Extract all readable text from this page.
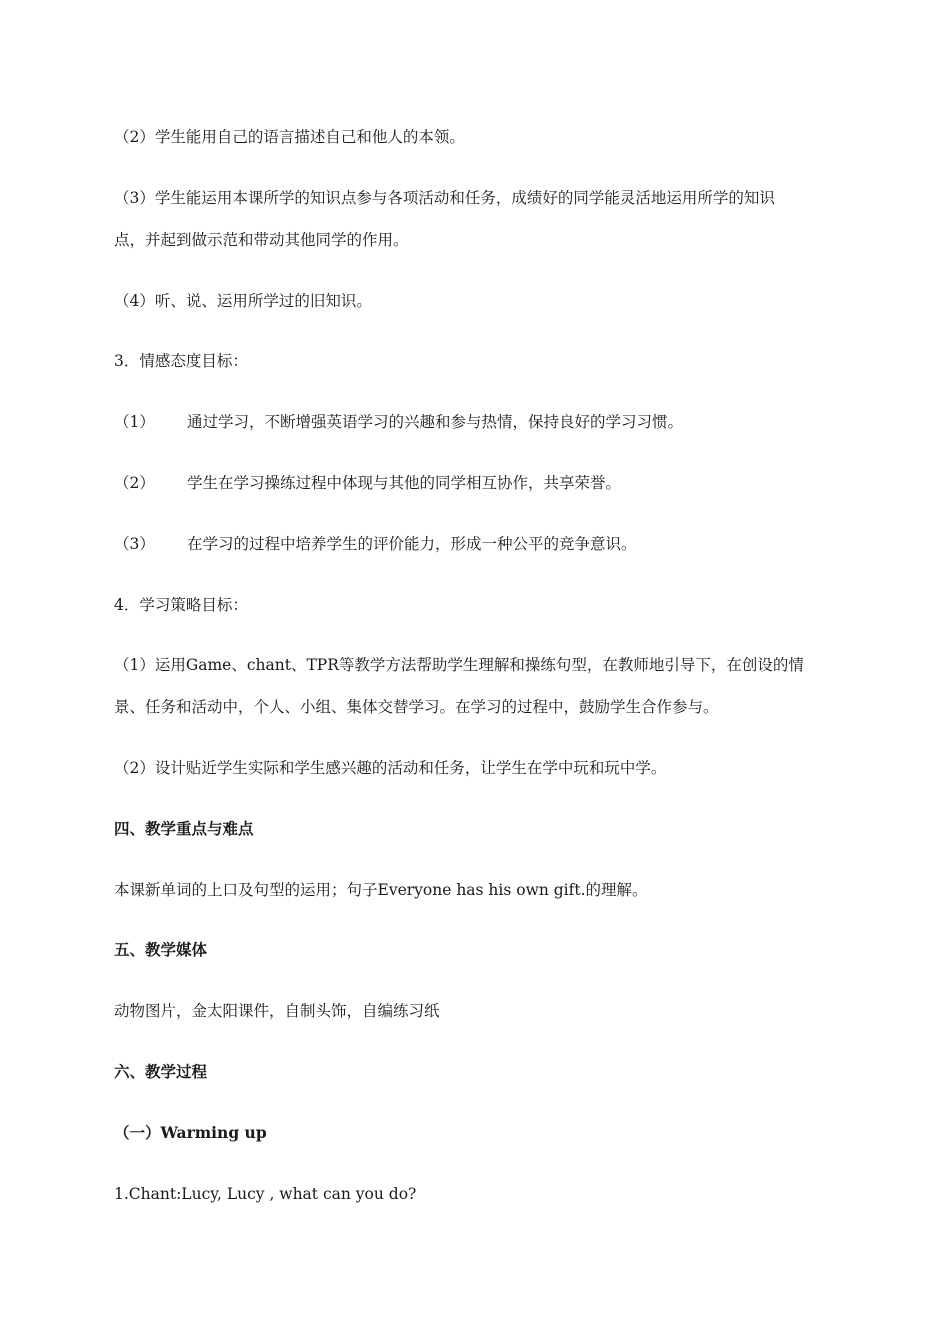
（2）学生能用自己的语言描述自己和他人的本领。
（3）学生能运用本课所学的知识点参与各项活动和任务，成绩好的同学能灵活地运用所学的知识
点，并起到做示范和带动其他同学的作用。
（4）听、说、运用所学过的旧知识。
3．情感态度目标：
（1） 通过学习，不断增强英语学习的兴趣和参与热情，保持良好的学习习惯。
（2） 学生在学习操练过程中体现与其他的同学相互协作，共享荣誉。
（3） 在学习的过程中培养学生的评价能力，形成一种公平的竞争意识。
4．学习策略目标：
（1）运用Game、chant、TPR等教学方法帮助学生理解和操练句型，在教师地引导下，在创设的情
景、任务和活动中，个人、小组、集体交替学习。在学习的过程中，鼓励学生合作参与。
（2）设计贴近学生实际和学生感兴趣的活动和任务，让学生在学中玩和玩中学。
四、教学重点与难点
本课新单词的上口及句型的运用；句子Everyone has his own gift.的理解。
五、教学媒体
动物图片，金太阳课件，自制头饰，自编练习纸
六、教学过程
（一）Warming up
1.Chant:Lucy, Lucy , what can you do?
